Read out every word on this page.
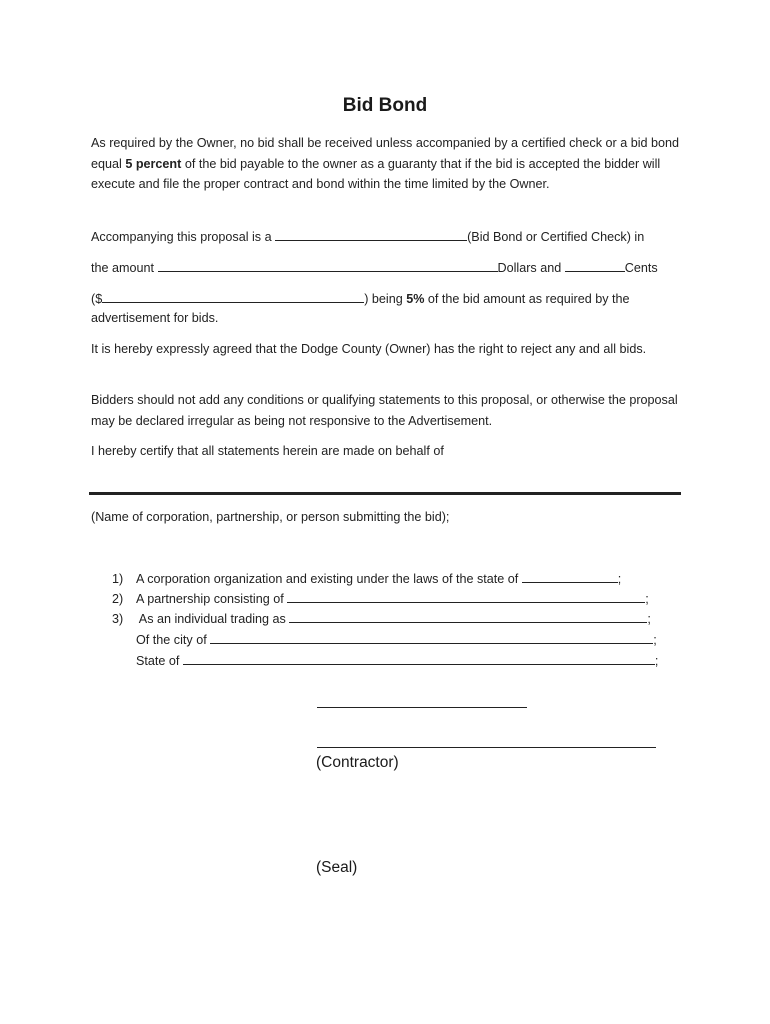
Bid Bond
As required by the Owner, no bid shall be received unless accompanied by a certified check or a bid bond equal 5 percent of the bid payable to the owner as a guaranty that if the bid is accepted the bidder will execute and file the proper contract and bond within the time limited by the Owner.
Accompanying this proposal is a	(Bid Bond or Certified Check) in
the amount	Dollars and	Cents
($	) being 5% of the bid amount as required by the
advertisement for bids.
It is hereby expressly agreed that the Dodge County (Owner) has the right to reject any and all bids.
Bidders should not add any conditions or qualifying statements to this proposal, or otherwise the proposal may be declared irregular as being not responsive to the Advertisement.
I hereby certify that all statements herein are made on behalf of
(Name of corporation, partnership, or person submitting the bid);
1) A corporation organization and existing under the laws of the state of	;
2) A partnership consisting of	;
3) As an individual trading as	;
Of the city of	;
State of	;
(Contractor)
(Seal)
